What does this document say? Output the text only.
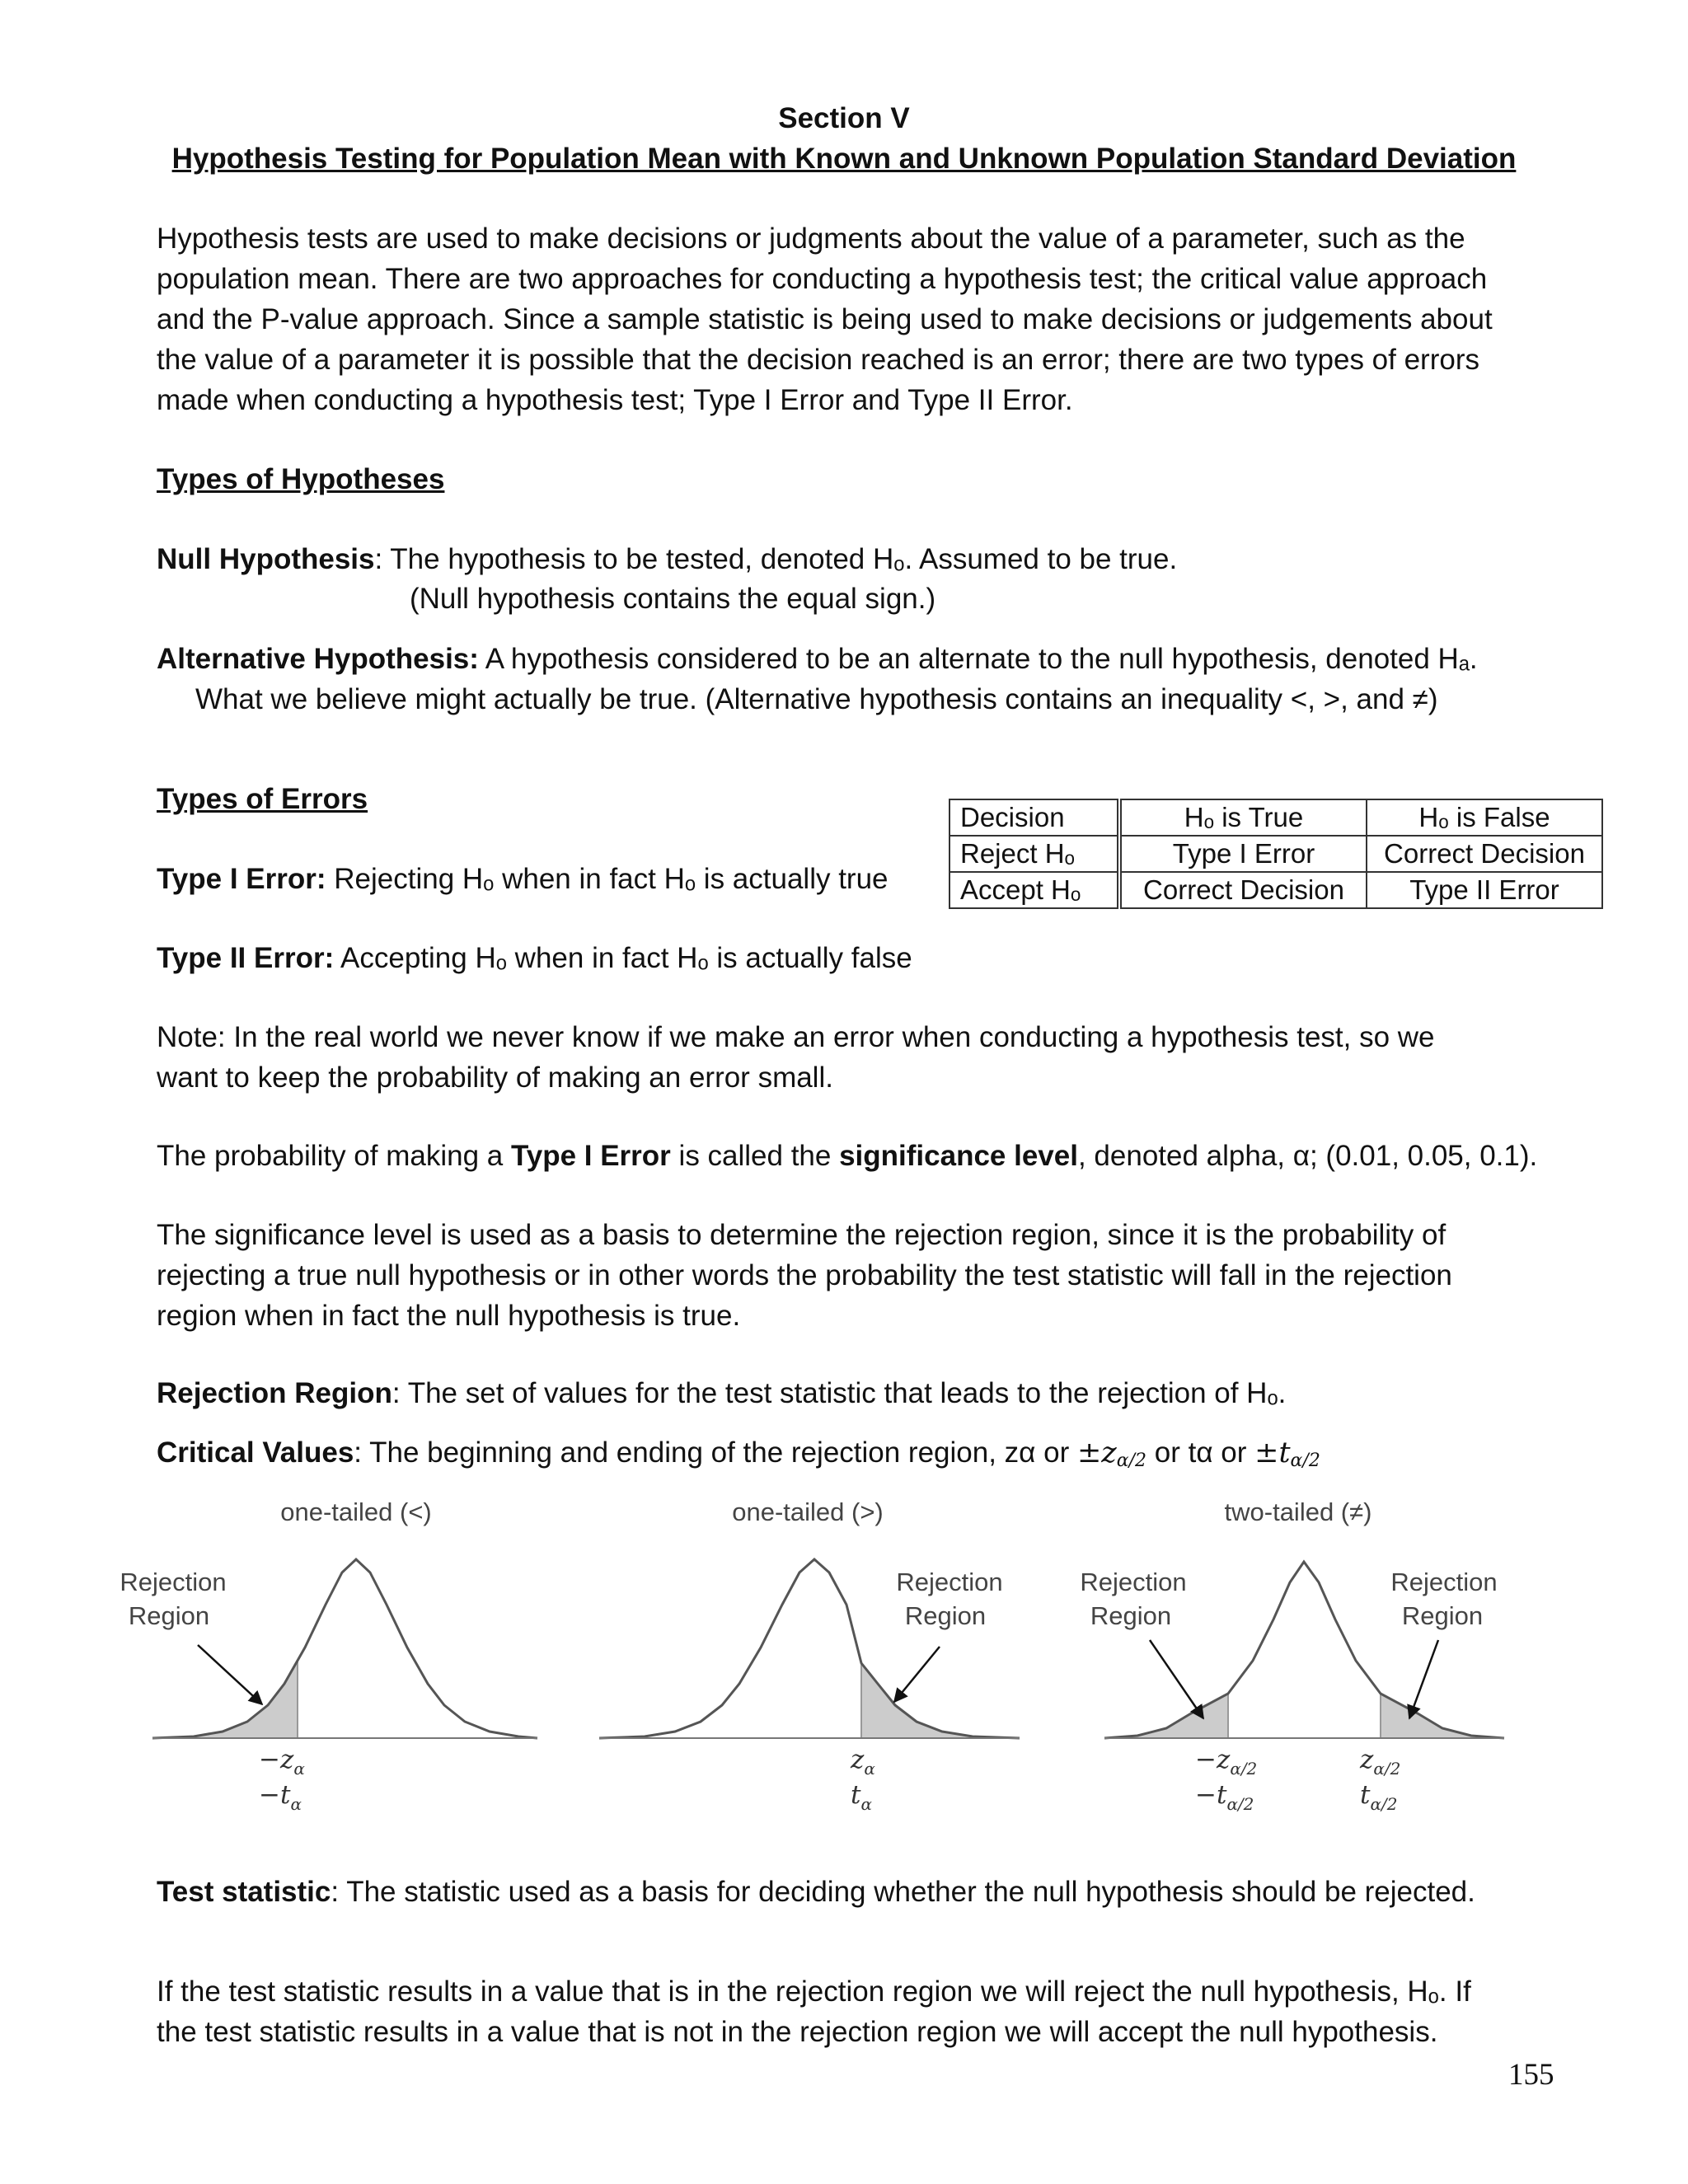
Section V
Hypothesis Testing for Population Mean with Known and Unknown Population Standard Deviation
Hypothesis tests are used to make decisions or judgments about the value of a parameter, such as the
population mean. There are two approaches for conducting a hypothesis test; the critical value approach
and the P-value approach. Since a sample statistic is being used to make decisions or judgements about
the value of a parameter it is possible that the decision reached is an error; there are two types of errors
made when conducting a hypothesis test; Type I Error and Type II Error.
Types of Hypotheses
Null Hypothesis: The hypothesis to be tested, denoted Hₒ. Assumed to be true.
(Null hypothesis contains the equal sign.)
Alternative Hypothesis: A hypothesis considered to be an alternate to the null hypothesis, denoted Hₐ.
What we believe might actually be true. (Alternative hypothesis contains an inequality <, >, and ≠)
Types of Errors
Type I Error: Rejecting Hₒ when in fact Hₒ is actually true
Type II Error: Accepting Hₒ when in fact Hₒ is actually false
Decision	Hₒ is True	Hₒ is False
Reject Hₒ	Type I Error	Correct Decision
Accept Hₒ	Correct Decision	Type II Error
Note: In the real world we never know if we make an error when conducting a hypothesis test, so we
want to keep the probability of making an error small.
The probability of making a Type I Error is called the significance level, denoted alpha, α; (0.01, 0.05, 0.1).
The significance level is used as a basis to determine the rejection region, since it is the probability of
rejecting a true null hypothesis or in other words the probability the test statistic will fall in the rejection
region when in fact the null hypothesis is true.
Rejection Region: The set of values for the test statistic that leads to the rejection of Hₒ.
Critical Values: The beginning and ending of the rejection region, zα or $\pm z_{\alpha/2}$ or tα or $\pm t_{\alpha/2}$
one-tailed (<)
Rejection
Region
$-z_\alpha$
$-t_\alpha$
one-tailed (>)
Rejection
Region
$z_\alpha$
$t_\alpha$
two-tailed (≠)
Rejection
Region
Rejection
Region
$-z_{\alpha/2}$
$-t_{\alpha/2}$
$z_{\alpha/2}$
$t_{\alpha/2}$
Test statistic: The statistic used as a basis for deciding whether the null hypothesis should be rejected.
If the test statistic results in a value that is in the rejection region we will reject the null hypothesis, Hₒ. If
the test statistic results in a value that is not in the rejection region we will accept the null hypothesis.
155
